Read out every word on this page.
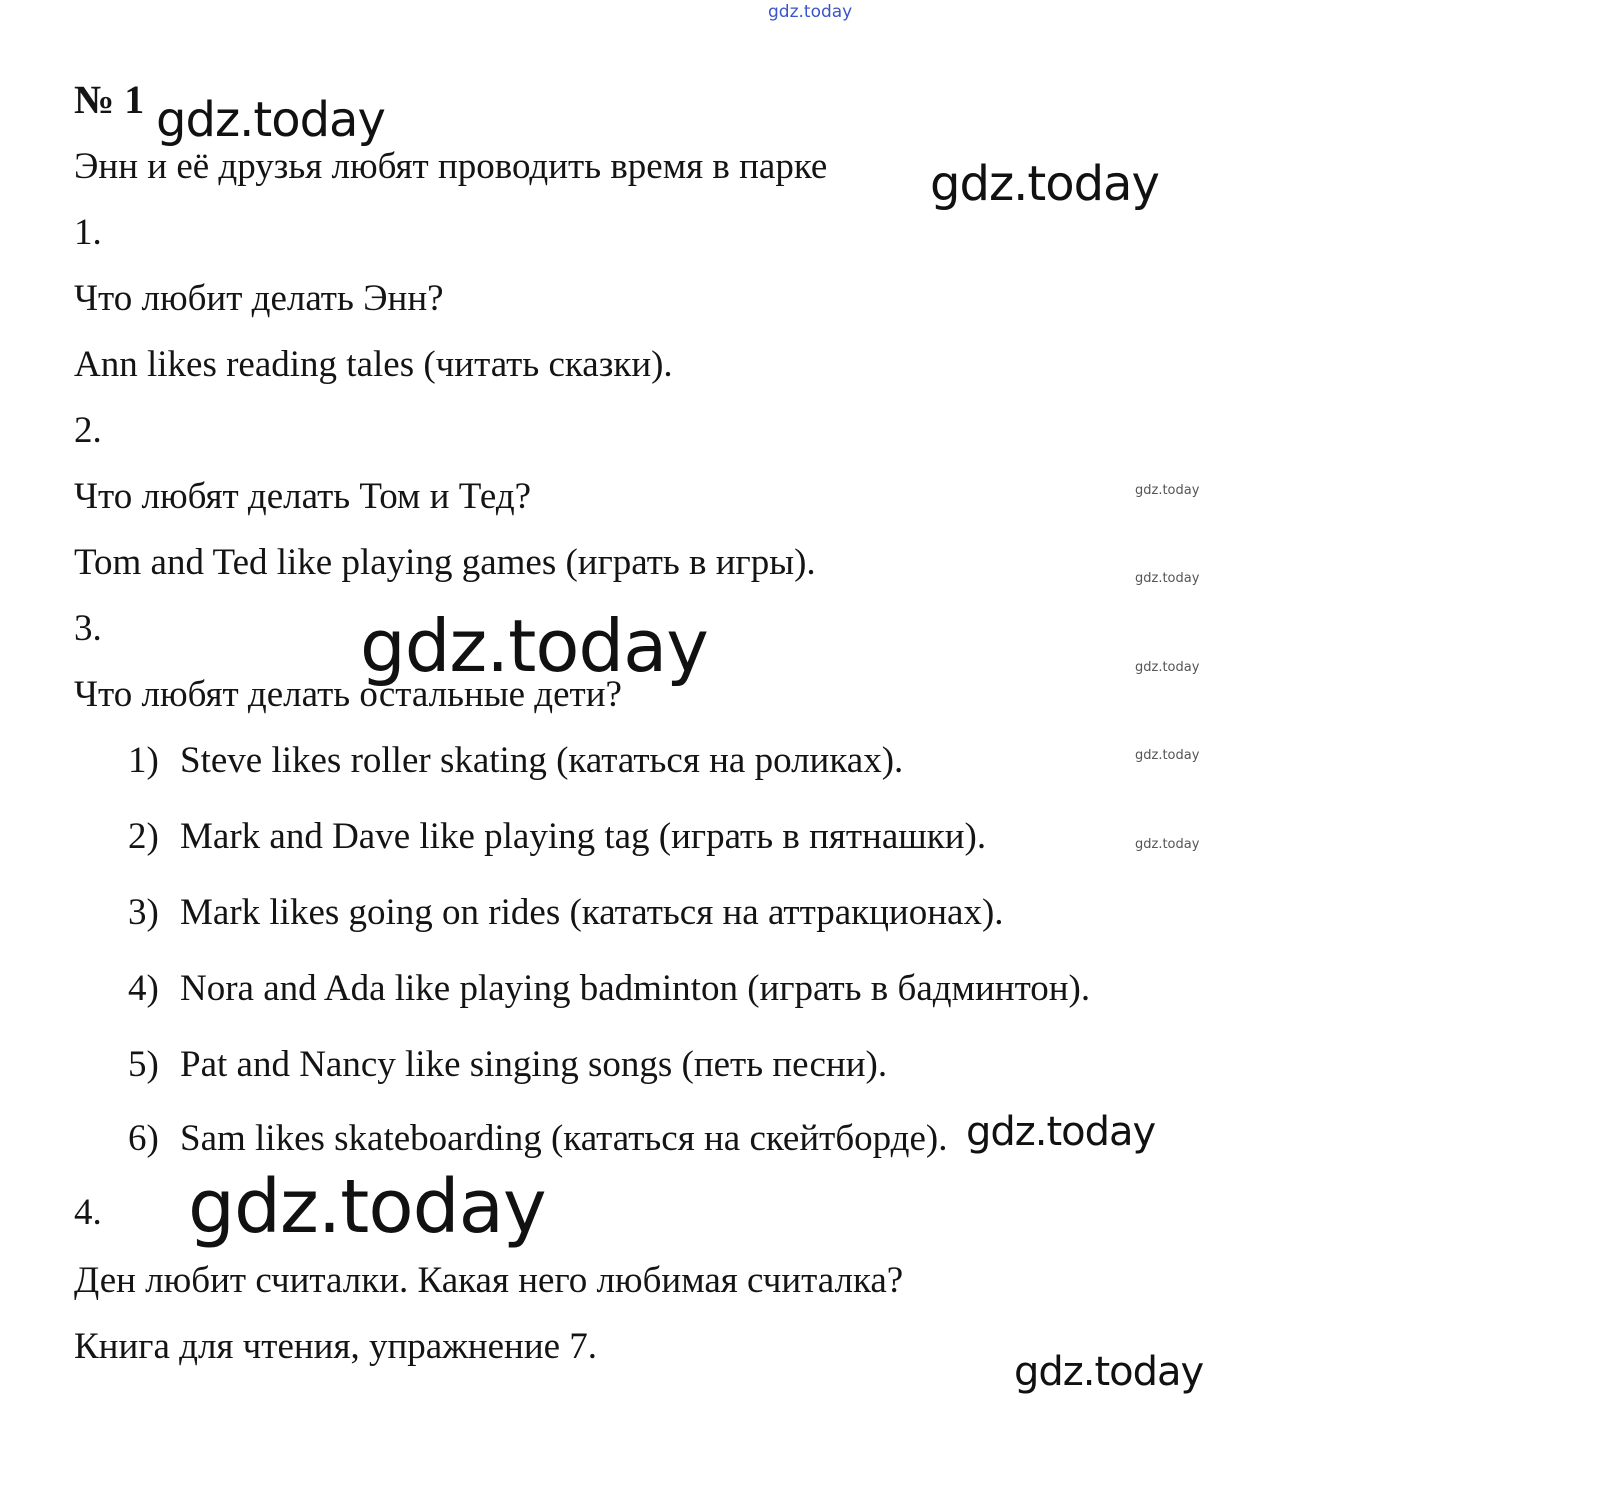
gdz.today
№ 1
Энн и её друзья любят проводить время в парке
1.
Что любит делать Энн?
Ann likes reading tales (читать сказки).
2.
Что любят делать Том и Тед?
Tom and Ted like playing games (играть в игры).
3.
Что любят делать остальные дети?
1) Steve likes roller skating (кататься на роликах).
2) Mark and Dave like playing tag (играть в пятнашки).
3) Mark likes going on rides (кататься на аттракционах).
4) Nora and Ada like playing badminton (играть в бадминтон).
5) Pat and Nancy like singing songs (петь песни).
6) Sam likes skateboarding (кататься на скейтборде).
4.
Ден любит считалки. Какая него любимая считалка?
Книга для чтения, упражнение 7.
gdz.today
gdz.today
gdz.today
gdz.today
gdz.today
gdz.today
gdz.today
gdz.today
gdz.today
gdz.today
gdz.today
